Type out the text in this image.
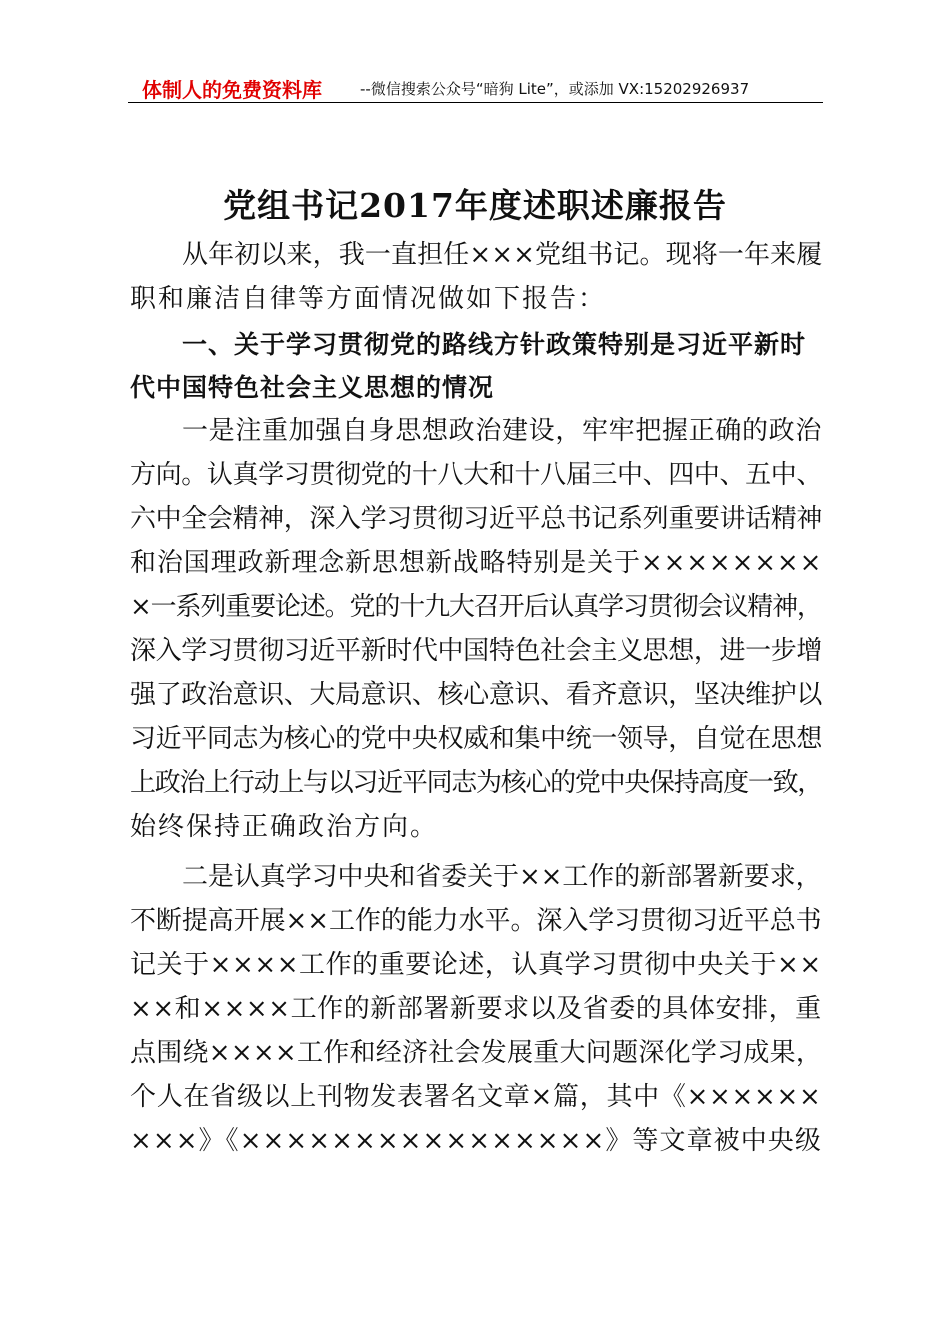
体制人的免费资料库	--微信搜索公众号“暗狗 Lite”，或添加 VX:15202926937
党组书记2017年度述职述廉报告
从年初以来，我一直担任×××党组书记。现将一年来履
职和廉洁自律等方面情况做如下报告：
一、关于学习贯彻党的路线方针政策特别是习近平新时
代中国特色社会主义思想的情况
一是注重加强自身思想政治建设，牢牢把握正确的政治
方向。认真学习贯彻党的十八大和十八届三中、四中、五中、
六中全会精神，深入学习贯彻习近平总书记系列重要讲话精神
和治国理政新理念新思想新战略特别是关于××××××××
×一系列重要论述。党的十九大召开后认真学习贯彻会议精神，
深入学习贯彻习近平新时代中国特色社会主义思想，进一步增
强了政治意识、大局意识、核心意识、看齐意识，坚决维护以
习近平同志为核心的党中央权威和集中统一领导，自觉在思想
上政治上行动上与以习近平同志为核心的党中央保持高度一致，
始终保持正确政治方向。
二是认真学习中央和省委关于××工作的新部署新要求，
不断提高开展××工作的能力水平。深入学习贯彻习近平总书
记关于××××工作的重要论述，认真学习贯彻中央关于××
××和××××工作的新部署新要求以及省委的具体安排，重
点围绕××××工作和经济社会发展重大问题深化学习成果，
个人在省级以上刊物发表署名文章×篇，其中《××××××
×××》《××××××××××××××××》等文章被中央级
